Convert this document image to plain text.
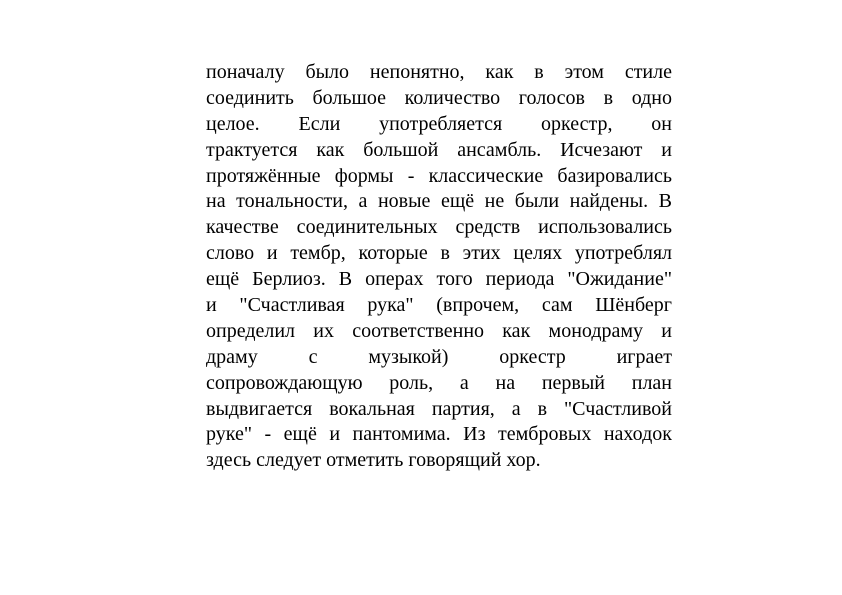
поначалу было непонятно, как в этом стиле
соединить большое количество голосов в одно
целое. Если употребляется оркестр, он
трактуется как большой ансамбль. Исчезают и
протяжённые формы - классические базировались
на тональности, а новые ещё не были найдены. В
качестве соединительных средств использовались
слово и тембр, которые в этих целях употреблял
ещё Берлиоз. В операх того периода "Ожидание"
и "Счастливая рука" (впрочем, сам Шёнберг
определил их соответственно как монодраму и
драму с музыкой) оркестр играет
сопровождающую роль, а на первый план
выдвигается вокальная партия, а в "Счастливой
руке" - ещё и пантомима. Из тембровых находок
здесь следует отметить говорящий хор.
